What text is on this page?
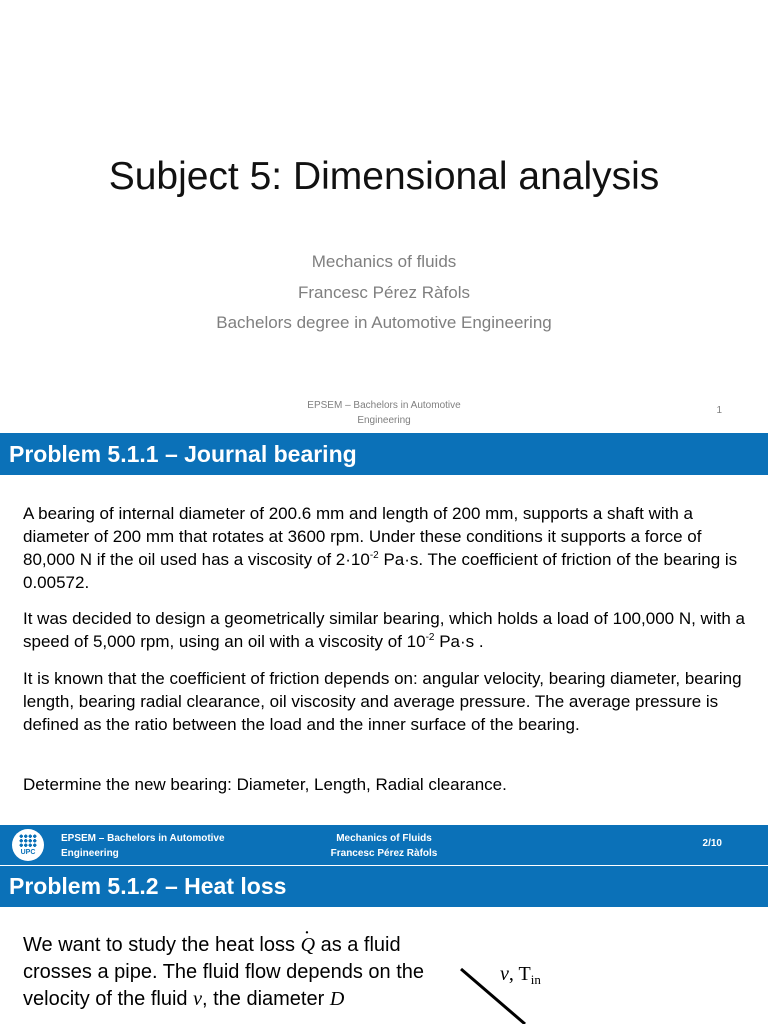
Subject 5: Dimensional analysis
Mechanics of fluids
Francesc Pérez Ràfols
Bachelors degree in Automotive Engineering
EPSEM – Bachelors in Automotive
Engineering
1
Problem 5.1.1 – Journal bearing

A bearing of internal diameter of 200.6 mm and length of 200 mm, supports a shaft with a diameter of 200 mm that rotates at 3600 rpm. Under these conditions it supports a force of 80,000 N if the oil used has a viscosity of $2\cdot 10^{-2}$ Pa·s. The coefficient of friction of the bearing is 0.00572.

It was decided to design a geometrically similar bearing, which holds a load of 100,000 N, with a speed of 5,000 rpm, using an oil with a viscosity of $10^{-2}$ Pa·s .

It is known that the coefficient of friction depends on: angular velocity, bearing diameter, bearing length, bearing radial clearance, oil viscosity and average pressure. The average pressure is defined as the ratio between the load and the inner surface of the bearing.

Determine the new bearing: Diameter, Length, Radial clearance.

UPC
EPSEM – Bachelors in Automotive
Engineering
Mechanics of Fluids
Francesc Pérez Ràfols
2/10
Problem 5.1.2 – Heat loss
We want to study the heat loss · Q as a fluid crosses a pipe. The fluid flow depends on the velocity of the fluid v, the diameter D
v, $T_{in}$
